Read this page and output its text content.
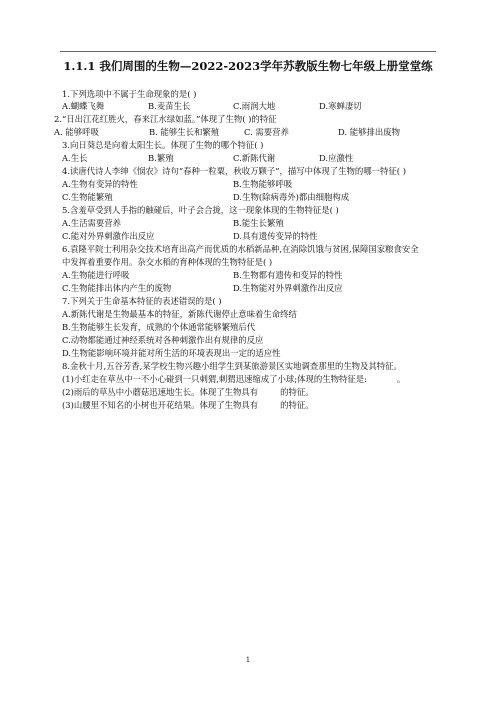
1.1.1 我们周围的生物—2022-2023学年苏教版生物七年级上册堂堂练
1.下列选项中不属于生命现象的是( )
A.蝴蝶飞舞	B.麦苗生长	C.雨润大地	D.寒蝉凄切
2.“日出江花红胜火，春来江水绿如蓝。”体现了生物( )的特征
A. 能够呼吸	B. 能够生长和繁殖	C. 需要营养	D. 能够排出废物
3.向日葵总是向着太阳生长。体现了生物的哪个特征( )
A.生长	B.繁殖	C.新陈代谢	D.应激性
4.读唐代诗人李绅《悯农》诗句“春种一粒粟，秋收万颗子”，描写中体现了生物的哪一特征( )
A.生物有变异的特性	B.生物能够呼吸
C.生物能繁殖	D.生物(除病毒外)都由细胞构成
5.含羞草受到人手指的触碰后，叶子会合拢，这一现象体现的生物特征是( )
A.生活需要营养	B.能生长繁殖
C.能对外界刺激作出反应	D.具有遗传变异的特性
6.袁隆平院士利用杂交技术培育出高产而优质的水稻新品种,在消除饥饿与贫困,保障国家粮食安全
中发挥着重要作用。杂交水稻的育种体现的生物特征是( )
A.生物能进行呼吸	B.生物都有遗传和变异的特性
C.生物能排出体内产生的废物	D.生物能对外界刺激作出反应
7.下列关于生命基本特征的表述错误的是( )
A.新陈代谢是生物最基本的特征，新陈代谢停止意味着生命终结
B.生物能够生长发育，成熟的个体通常能够繁殖后代
C.动物都能通过神经系统对各种刺激作出有规律的反应
D.生物能影响环境并能对所生活的环境表现出一定的适应性
8.金秋十月,五谷芳香,某学校生物兴趣小组学生到某旅游景区实地调查那里的生物及其特征。
(1)小红走在草丛中一不小心碰到一只刺猬,刺猬迅速缩成了小球;体现的生物特征是:	。
(2)雨后的草丛中小蘑菇迅速地生长。体现了生物具有	的特征。
(3)山腰里不知名的小树也开花结果。体现了生物具有	的特征。
1
